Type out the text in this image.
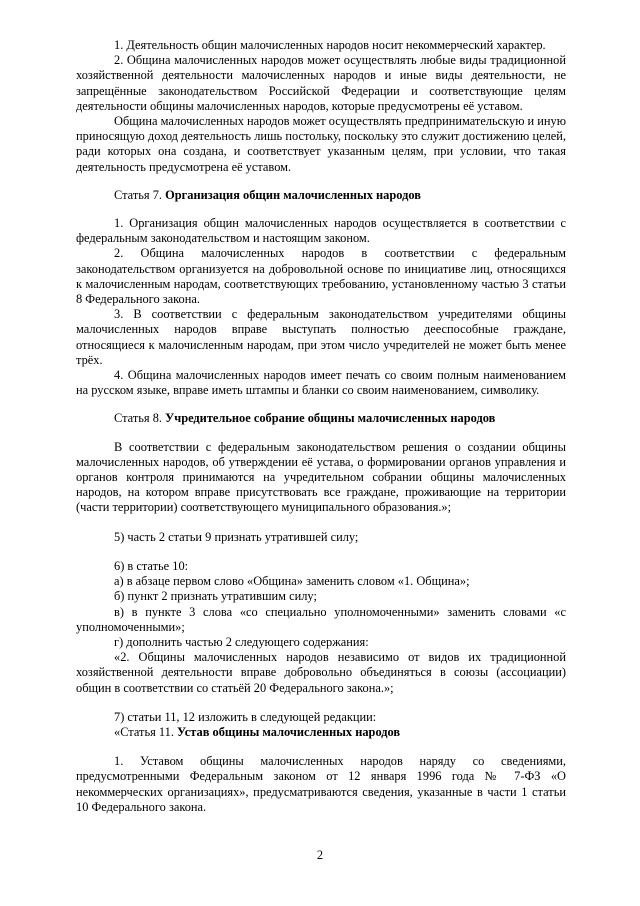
1. Деятельность общин малочисленных народов носит некоммерческий характер.

2. Община малочисленных народов может осуществлять любые виды традиционной хозяйственной деятельности малочисленных народов и иные виды деятельности, не запрещённые законодательством Российской Федерации и соответствующие целям деятельности общины малочисленных народов, которые предусмотрены её уставом.

Община малочисленных народов может осуществлять предпринимательскую и иную приносящую доход деятельность лишь постольку, поскольку это служит достижению целей, ради которых она создана, и соответствует указанным целям, при условии, что такая деятельность предусмотрена её уставом.

Статья 7. Организация общин малочисленных народов

1. Организация общин малочисленных народов осуществляется в соответствии с федеральным законодательством и настоящим законом.

2. Община малочисленных народов в соответствии с федеральным законодательством организуется на добровольной основе по инициативе лиц, относящихся к малочисленным народам, соответствующих требованию, установленному частью 3 статьи 8 Федерального закона.

3. В соответствии с федеральным законодательством учредителями общины малочисленных народов вправе выступать полностью дееспособные граждане, относящиеся к малочисленным народам, при этом число учредителей не может быть менее трёх.

4. Община малочисленных народов имеет печать со своим полным наименованием на русском языке, вправе иметь штампы и бланки со своим наименованием, символику.

Статья 8. Учредительное собрание общины малочисленных народов

В соответствии с федеральным законодательством решения о создании общины малочисленных народов, об утверждении её устава, о формировании органов управления и органов контроля принимаются на учредительном собрании общины малочисленных народов, на котором вправе присутствовать все граждане, проживающие на территории (части территории) соответствующего муниципального образования.»;

5) часть 2 статьи 9 признать утратившей силу;

6) в статье 10:

а) в абзаце первом слово «Община» заменить словом «1. Община»;

б) пункт 2 признать утратившим силу;

в) в пункте 3 слова «со специально уполномоченными» заменить словами «с уполномоченными»;

г) дополнить частью 2 следующего содержания:

«2. Общины малочисленных народов независимо от видов их традиционной хозяйственной деятельности вправе добровольно объединяться в союзы (ассоциации) общин в соответствии со статьёй 20 Федерального закона.»;

7) статьи 11, 12 изложить в следующей редакции:

«Статья 11. Устав общины малочисленных народов

1. Уставом общины малочисленных народов наряду со сведениями, предусмотренными Федеральным законом от 12 января 1996 года № 7-ФЗ «О некоммерческих организациях», предусматриваются сведения, указанные в части 1 статьи 10 Федерального закона.

2
